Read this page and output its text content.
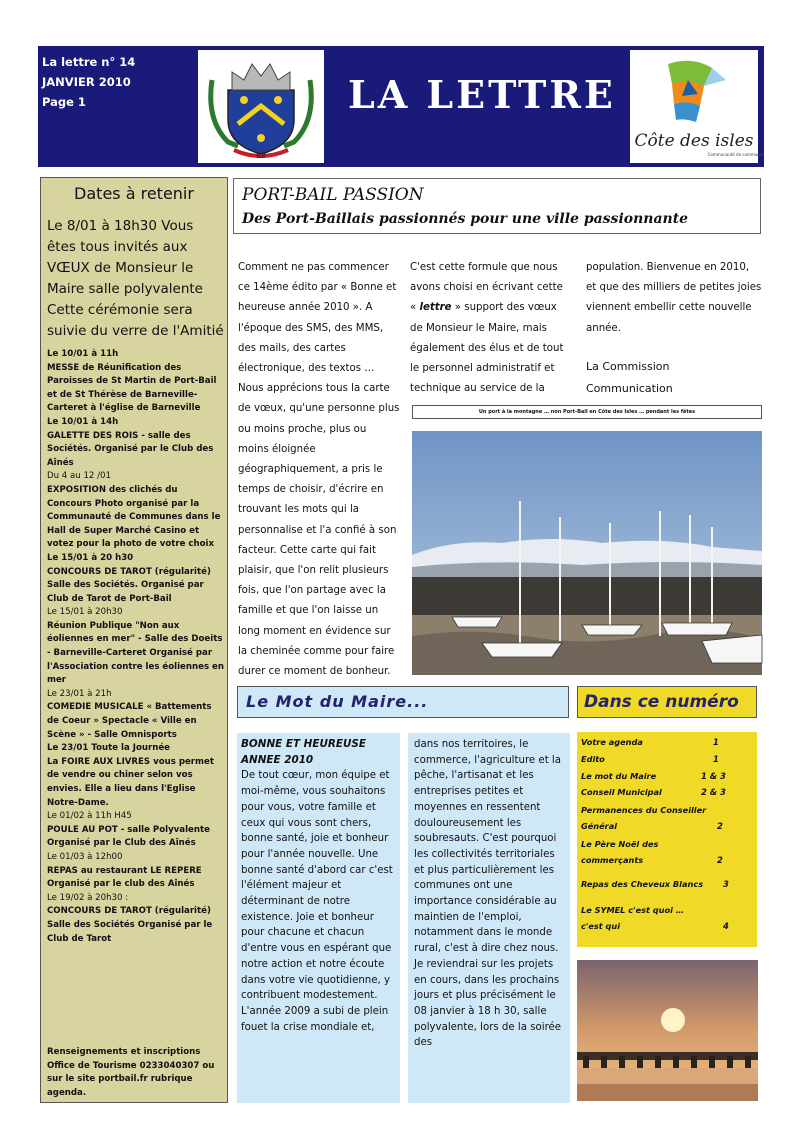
La lettre n° 14
JANVIER 2010
Page 1
BB
LA LETTRE
Côte des isles
Communauté de communes
Dates à retenir
Le 8/01 à 18h30 Vous êtes tous invités aux VŒUX de Monsieur le Maire salle polyvalente Cette cérémonie sera suivie du verre de l'Amitié
Le 10/01 à 11h
MESSE de Réunification des Paroisses de St Martin de Port-Bail et de St Thérèse de Barneville-Carteret à l'église de Barneville
Le 10/01 à 14h
GALETTE DES ROIS - salle des Sociétés. Organisé par le Club des Aînés
Du 4 au 12 /01
EXPOSITION des clichés du Concours Photo organisé par la Communauté de Communes dans le Hall de Super Marché Casino et votez pour la photo de votre choix
Le 15/01 à 20 h30
CONCOURS DE TAROT (régularité) Salle des Sociétés. Organisé par Club de Tarot de Port-Bail
Le 15/01 à 20h30
Réunion Publique "Non aux éoliennes en mer" - Salle des Doeits - Barneville-Carteret Organisé par l'Association contre les éoliennes en mer
Le 23/01 à 21h
COMEDIE MUSICALE « Battements de Coeur » Spectacle « Ville en Scène » - Salle Omnisports
Le 23/01 Toute la Journée
La FOIRE AUX LIVRES vous permet de vendre ou chiner selon vos envies. Elle a lieu dans l'Eglise Notre-Dame.
Le 01/02 à 11h H45
POULE AU POT - salle Polyvalente Organisé par le Club des Aînés
Le 01/03 à 12h00
REPAS au restaurant LE REPERE Organisé par le club des Aînés
Le 19/02 à 20h30 :
CONCOURS DE TAROT (régularité) Salle des Sociétés Organisé par le Club de Tarot
Renseignements et inscriptions Office de Tourisme 0233040307 ou sur le site portbail.fr rubrique agenda.
PORT-BAIL PASSION
Des Port-Baillais passionnés pour une ville passionnante
Comment ne pas commencer ce 14ème édito par « Bonne et heureuse année 2010 ». A l'époque des SMS, des MMS, des mails, des cartes électronique, des textos … Nous apprécions tous la carte de vœux, qu'une personne plus ou moins proche, plus ou moins éloignée géographiquement, a pris le temps de choisir, d'écrire en trouvant les mots qui la personnalise et l'a confié à son facteur. Cette carte qui fait plaisir, que l'on relit plusieurs fois, que l'on partage avec la famille et que l'on laisse un long moment en évidence sur la cheminée comme pour faire durer ce moment de bonheur.
C'est cette formule que nous avons choisi en écrivant cette « lettre » support des vœux de Monsieur le Maire, mais également des élus et de tout le personnel administratif et technique au service de la
population. Bienvenue en 2010, et que des milliers de petites joies viennent embellir cette nouvelle année.
La Commission
Communication
Un port à la montagne … non Port-Bail en Côte des Isles … pendant les fêtes
Le Mot du Maire...
BONNE ET HEUREUSE ANNEE 2010
De tout cœur, mon équipe et moi-même, vous souhaitons pour vous, votre famille et ceux qui vous sont chers, bonne santé, joie et bonheur pour l'année nouvelle. Une bonne santé d'abord car c'est l'élément majeur et déterminant de notre existence. Joie et bonheur pour chacune et chacun d'entre vous en espérant que notre action et notre écoute dans votre vie quotidienne, y contribuent modestement. L'année 2009 a subi de plein fouet la crise mondiale et,
dans nos territoires, le commerce, l'agriculture et la pêche, l'artisanat et les entreprises petites et moyennes en ressentent douloureusement les soubresauts. C'est pourquoi les collectivités territoriales et plus particulièrement les communes ont une importance considérable au maintien de l'emploi, notamment dans le monde rural, c'est à dire chez nous. Je reviendrai sur les projets en cours, dans les prochains jours et plus précisément le 08 janvier à 18 h 30, salle polyvalente, lors de la soirée des
Dans ce numéro
Votre agenda	1
Edito	1
Le mot du Maire	1 & 3
Conseil Municipal	2 & 3
Permanences du Conseiller Général	2
Le Père Noël des commerçants	2
Repas des Cheveux Blancs 3
Le SYMEL c'est quoi … c'est qui	4
